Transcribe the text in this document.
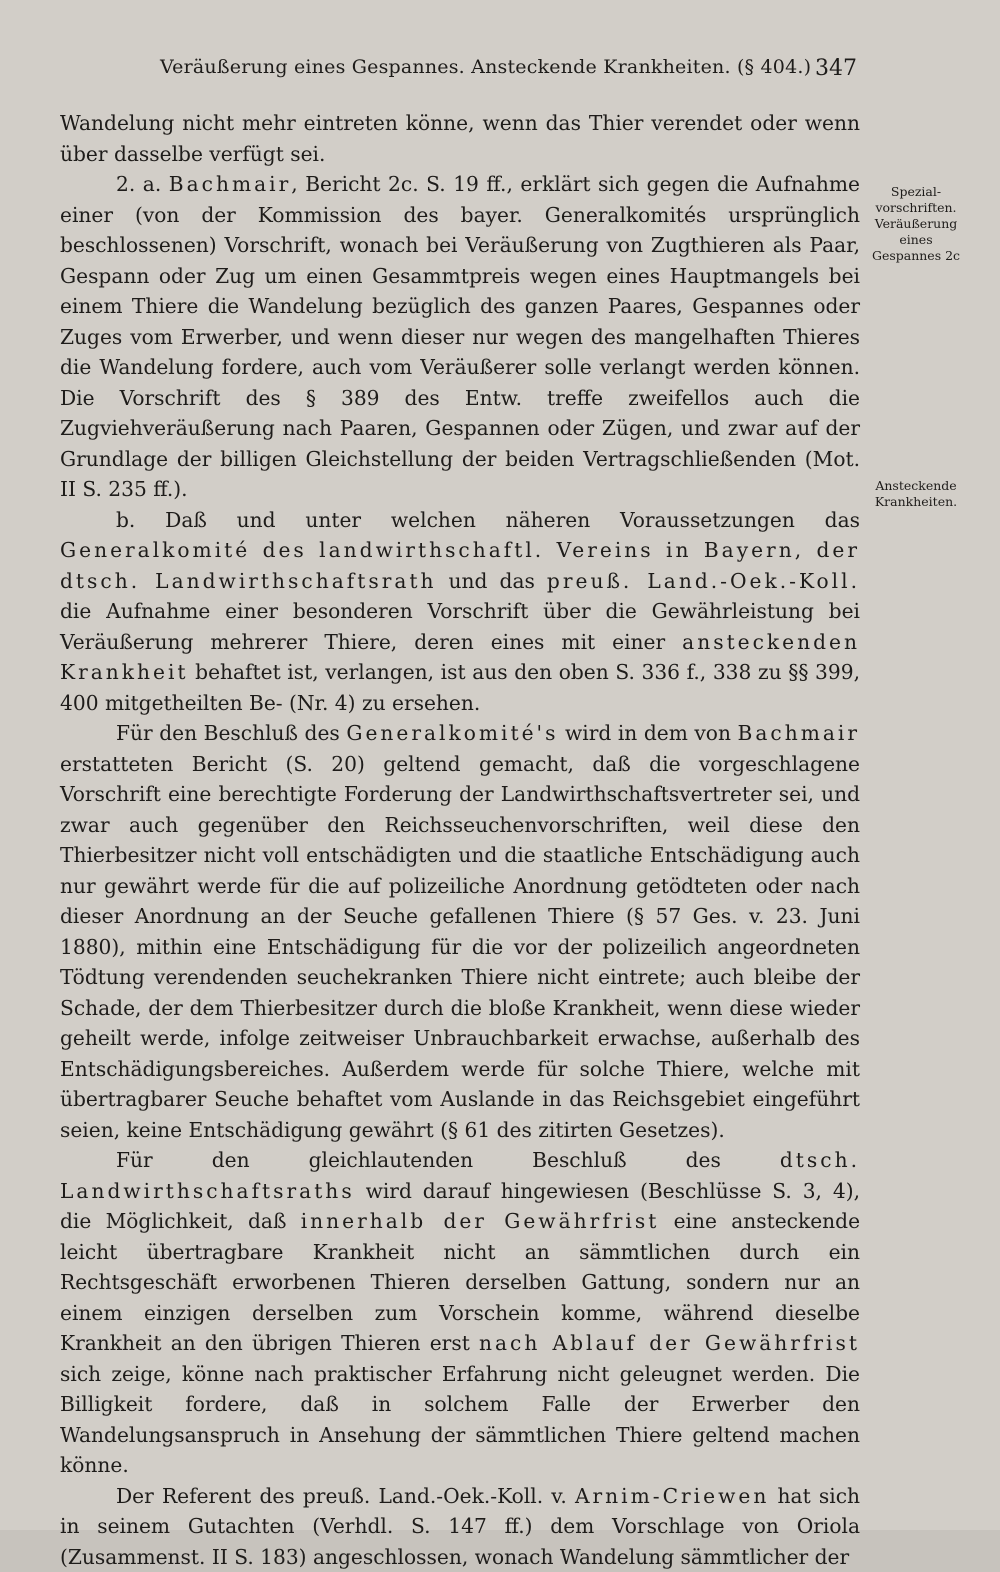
Veräußerung eines Gespannes. Ansteckende Krankheiten. (§ 404.) 347
Spezial-vorschriften. Veräußerung eines Gespannes 2c
Ansteckende Krankheiten.

Wandelung nicht mehr eintreten könne, wenn das Thier verendet oder wenn über dasselbe verfügt sei.

2. a. Bachmair, Bericht 2c. S. 19 ff., erklärt sich gegen die Aufnahme einer (von der Kommission des bayer. Generalkomités ursprünglich beschlossenen) Vorschrift, wonach bei Veräußerung von Zugthieren als Paar, Gespann oder Zug um einen Gesammtpreis wegen eines Hauptmangels bei einem Thiere die Wandelung bezüglich des ganzen Paares, Gespannes oder Zuges vom Erwerber, und wenn dieser nur wegen des mangelhaften Thieres die Wandelung fordere, auch vom Veräußerer solle verlangt werden können. Die Vorschrift des § 389 des Entw. treffe zweifellos auch die Zugviehveräußerung nach Paaren, Gespannen oder Zügen, und zwar auf der Grundlage der billigen Gleichstellung der beiden Vertragschließenden (Mot. II S. 235 ff.).

b. Daß und unter welchen näheren Voraussetzungen das Generalkomité des landwirthschaftl. Vereins in Bayern, der dtsch. Landwirthschaftsrath und das preuß. Land.-Oek.-Koll. die Aufnahme einer besonderen Vorschrift über die Gewährleistung bei Veräußerung mehrerer Thiere, deren eines mit einer ansteckenden Krankheit behaftet ist, verlangen, ist aus den oben S. 336 f., 338 zu §§ 399, 400 mitgetheilten Be- (Nr. 4) zu ersehen.

Für den Beschluß des Generalkomité's wird in dem von Bachmair erstatteten Bericht (S. 20) geltend gemacht, daß die vorgeschlagene Vorschrift eine berechtigte Forderung der Landwirthschaftsvertreter sei, und zwar auch gegenüber den Reichsseuchenvorschriften, weil diese den Thierbesitzer nicht voll entschädigten und die staatliche Entschädigung auch nur gewährt werde für die auf polizeiliche Anordnung getödteten oder nach dieser Anordnung an der Seuche gefallenen Thiere (§ 57 Ges. v. 23. Juni 1880), mithin eine Entschädigung für die vor der polizeilich angeordneten Tödtung verendenden seuchekranken Thiere nicht eintrete; auch bleibe der Schade, der dem Thierbesitzer durch die bloße Krankheit, wenn diese wieder geheilt werde, infolge zeitweiser Unbrauchbarkeit erwachse, außerhalb des Entschädigungsbereiches. Außerdem werde für solche Thiere, welche mit übertragbarer Seuche behaftet vom Auslande in das Reichsgebiet eingeführt seien, keine Entschädigung gewährt (§ 61 des zitirten Gesetzes).

Für den gleichlautenden Beschluß des dtsch. Landwirthschaftsraths wird darauf hingewiesen (Beschlüsse S. 3, 4), die Möglichkeit, daß innerhalb der Gewährfrist eine ansteckende leicht übertragbare Krankheit nicht an sämmtlichen durch ein Rechtsgeschäft erworbenen Thieren derselben Gattung, sondern nur an einem einzigen derselben zum Vorschein komme, während dieselbe Krankheit an den übrigen Thieren erst nach Ablauf der Gewährfrist sich zeige, könne nach praktischer Erfahrung nicht geleugnet werden. Die Billigkeit fordere, daß in solchem Falle der Erwerber den Wandelungsanspruch in Ansehung der sämmtlichen Thiere geltend machen könne.

Der Referent des preuß. Land.-Oek.-Koll. v. Arnim-Criewen hat sich in seinem Gutachten (Verhdl. S. 147 ff.) dem Vorschlage von Oriola (Zusammenst. II S. 183) angeschlossen, wonach Wandelung sämmtlicher der
